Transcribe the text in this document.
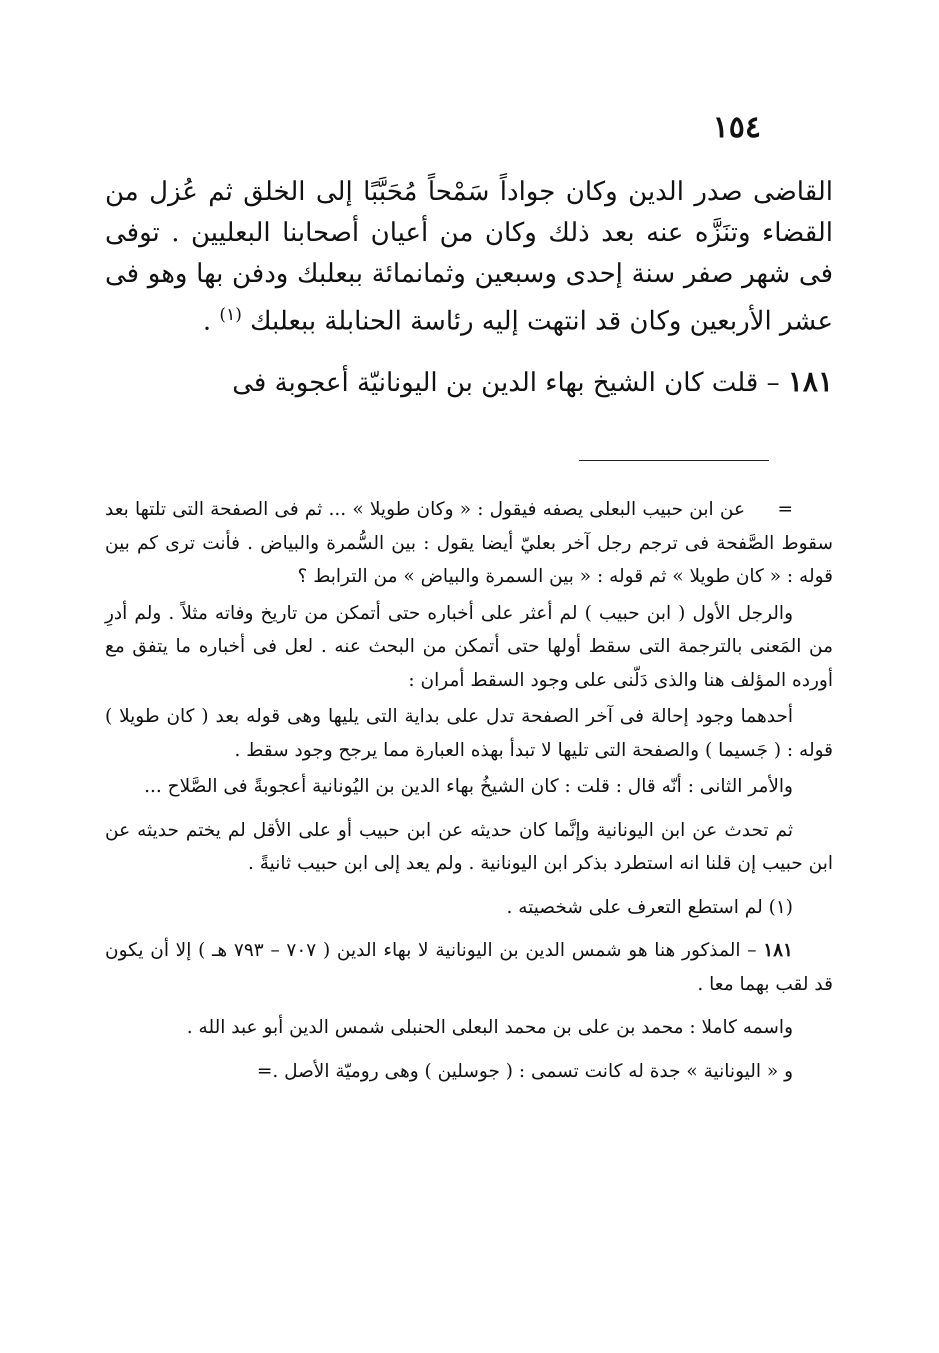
١٥٤

القاضى صدر الدين وكان جواداً سَمْحاً مُحَبَّبًا إلى الخلق ثم عُزل من القضاء وتنَزَّه عنه بعد ذلك وكان من أعيان أصحابنا البعليين . توفى فى شهر صفر سنة إحدى وسبعين وثمانمائة ببعلبك ودفن بها وهو فى عشر الأربعين وكان قد انتهت إليه رئاسة الحنابلة ببعلبك $^{(١)}$ .

١٨١ – قلت كان الشيخ بهاء الدين بن اليونانيّة أعجوبة فى

=عن ابن حبيب البعلى يصفه فيقول : « وكان طويلا » ... ثم فى الصفحة التى تلتها بعد سقوط الصَّفحة فى ترجم رجل آخر بعليّ أيضا يقول : بين السُّمرة والبياض . فأنت ترى كم بين قوله : « كان طويلا » ثم قوله : « بين السمرة والبياض » من الترابط ؟

والرجل الأول ( ابن حبيب ) لم أعثر على أخباره حتى أتمكن من تاريخ وفاته مثلاً . ولم أدرِ من المَعنى بالترجمة التى سقط أولها حتى أتمكن من البحث عنه . لعل فى أخباره ما يتفق مع أورده المؤلف هنا والذى دَلّنى على وجود السقط أمران :

أحدهما وجود إحالة فى آخر الصفحة تدل على بداية التى يليها وهى قوله بعد ( كان طويلا ) قوله : ( جَسيما ) والصفحة التى تليها لا تبدأ بهذه العبارة مما يرجح وجود سقط .

والأمر الثانى : أنّه قال : قلت : كان الشيخُ بهاء الدين بن اليُونانية أعجوبةً فى الصَّلاح ...

ثم تحدث عن ابن اليونانية وإنَّما كان حديثه عن ابن حبيب أو على الأقل لم يختم حديثه عن ابن حبيب إن قلنا انه استطرد بذكر ابن اليونانية . ولم يعد إلى ابن حبيب ثانيةً .

(١) لم استطع التعرف على شخصيته .

١٨١ – المذكور هنا هو شمس الدين بن اليونانية لا بهاء الدين ( ٧٠٧ – ٧٩٣ هـ ) إلا أن يكون قد لقب بهما معا .

واسمه كاملا : محمد بن على بن محمد البعلى الحنبلى شمس الدين أبو عبد الله .

و « اليونانية » جدة له كانت تسمى : ( جوسلين ) وهى روميّة الأصل .=
